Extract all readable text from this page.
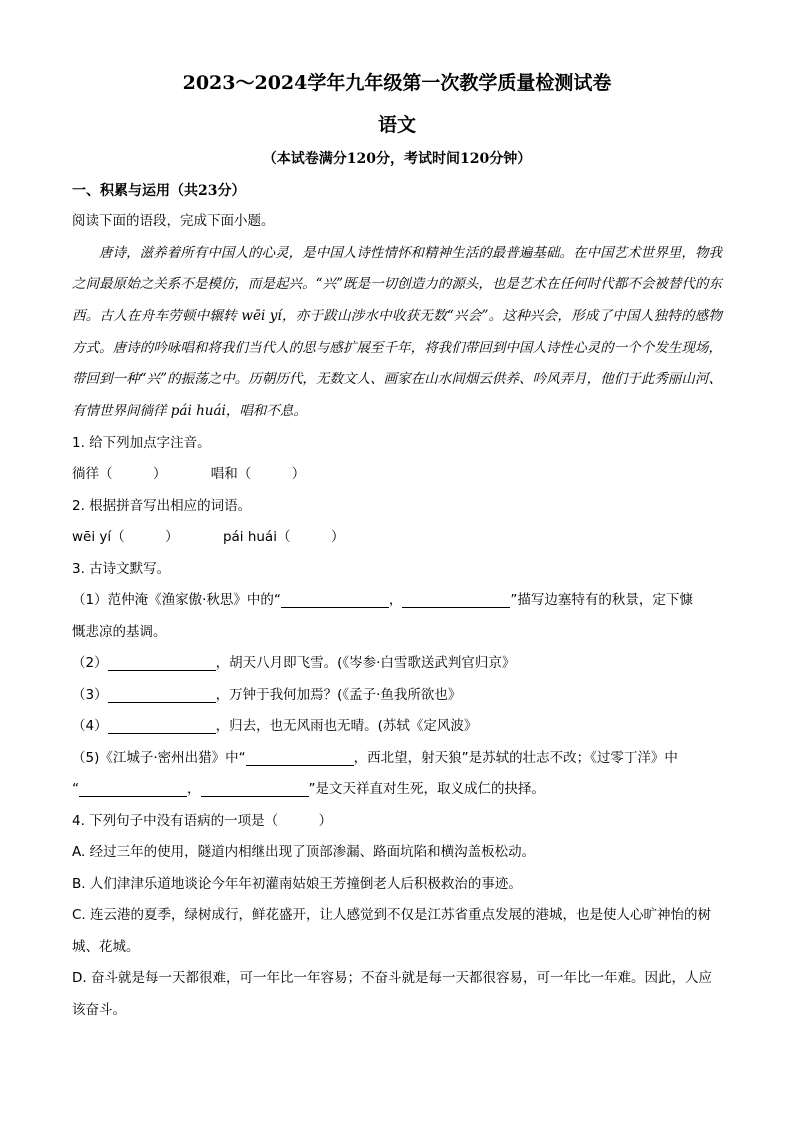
2023～2024学年九年级第一次教学质量检测试卷
语文
（本试卷满分120分，考试时间120分钟）
一、积累与运用（共23分）
阅读下面的语段，完成下面小题。

唐诗，滋养着所有中国人的心灵，是中国人诗性情怀和精神生活的最普遍基础。在中国艺术世界里，物我之间最原始之关系不是模仿，而是起兴。“兴”既是一切创造力的源头，也是艺术在任何时代都不会被替代的东西。古人在舟车劳顿中辗转 wēi yí，亦于跋山涉水中收获无数“兴会”。这种兴会，形成了中国人独特的感物方式。唐诗的吟咏唱和将我们当代人的思与感扩展至千年，将我们带回到中国人诗性心灵的一个个发生现场，带回到一种“兴”的振荡之中。历朝历代，无数文人、画家在山水间烟云供养、吟风弄月，他们于此秀丽山河、有情世界间徜徉 pái huái，唱和不息。

1. 给下列加点字注音。
徜徉（　　　）	唱和（　　　）
2. 根据拼音写出相应的词语。
wēi yí（　　　）	pái huái（　　　）
3. 古诗文默写。
（1）范仲淹《渔家傲·秋思》中的“	，	”描写边塞特有的秋景，定下慷
慨悲凉的基调。
（2）	，胡天八月即飞雪。(《岑参·白雪歌送武判官归京》
（3）	，万钟于我何加焉？(《孟子·鱼我所欲也》
（4）	，归去，也无风雨也无晴。(苏轼《定风波》
（5)《江城子·密州出猎》中“	，西北望，射天狼”是苏轼的壮志不改；《过零丁洋》中
“	，	”是文天祥直对生死，取义成仁的抉择。
4. 下列句子中没有语病的一项是（　　　）
A. 经过三年的使用，隧道内相继出现了顶部渗漏、路面坑陷和横沟盖板松动。
B. 人们津津乐道地谈论今年年初灌南姑娘王芳撞倒老人后积极救治的事迹。

C. 连云港的夏季，绿树成行，鲜花盛开，让人感觉到不仅是江苏省重点发展的港城，也是使人心旷神怡的树城、花城。

D. 奋斗就是每一天都很难，可一年比一年容易；不奋斗就是每一天都很容易，可一年比一年难。因此，人应该奋斗。
